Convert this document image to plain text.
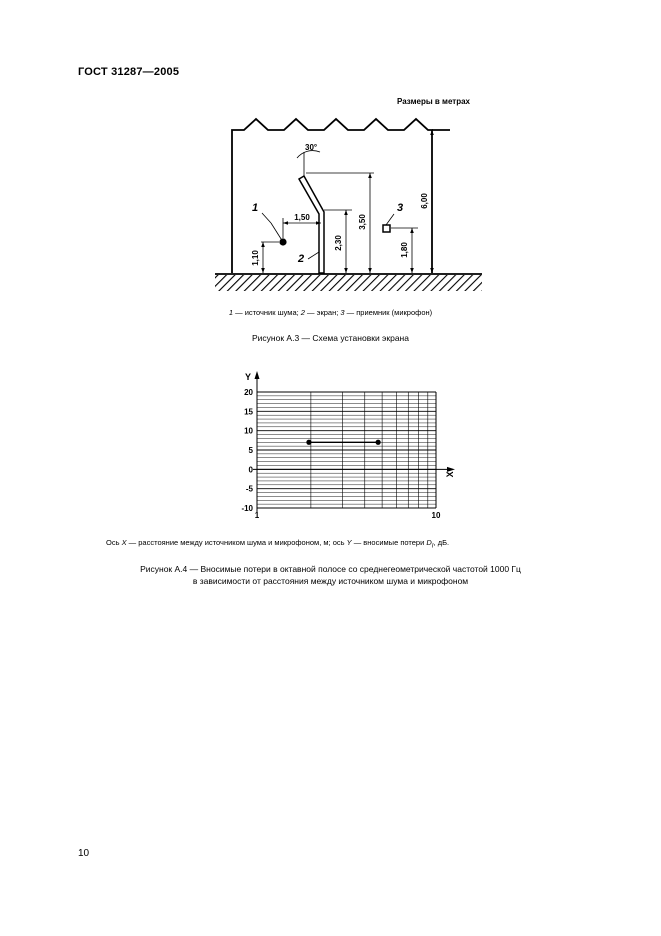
ГОСТ 31287—2005
Размеры в метрах
30°
1
1,10
1,50
2
2,30
3,50
3
1,80
6,00
1 — источник шума; 2 — экран; 3 — приемник (микрофон)
Рисунок А.3 — Схема установки экрана
Y
X
20
15
10
5
0
-5
-10
1	10
Ось X — расстояние между источником шума и микрофоном, м; ось Y — вносимые потери $D_I$, дБ.
Рисунок А.4 — Вносимые потери в октавной полосе со среднегеометрической частотой 1000 Гц
в зависимости от расстояния между источником шума и микрофоном
10
